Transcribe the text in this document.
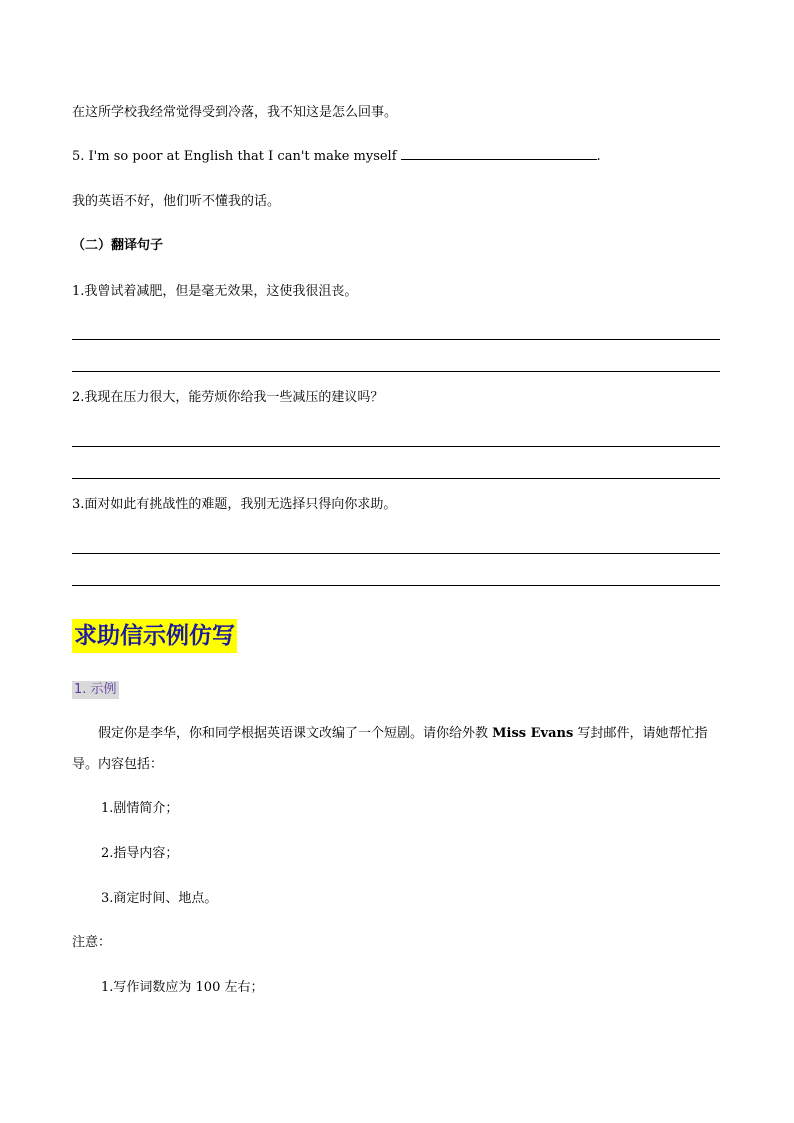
在这所学校我经常觉得受到冷落，我不知这是怎么回事。
5. I'm so poor at English that I can't make myself	.
我的英语不好，他们听不懂我的话。
（二）翻译句子
1.我曾试着减肥，但是毫无效果，这使我很沮丧。
2.我现在压力很大，能劳烦你给我一些减压的建议吗？
3.面对如此有挑战性的难题，我别无选择只得向你求助。
求助信示例仿写
1. 示例
假定你是李华，你和同学根据英语课文改编了一个短剧。请你给外教 Miss Evans 写封邮件，请她帮忙指导。内容包括：
1.剧情简介；
2.指导内容；
3.商定时间、地点。
注意：
1.写作词数应为 100 左右；
